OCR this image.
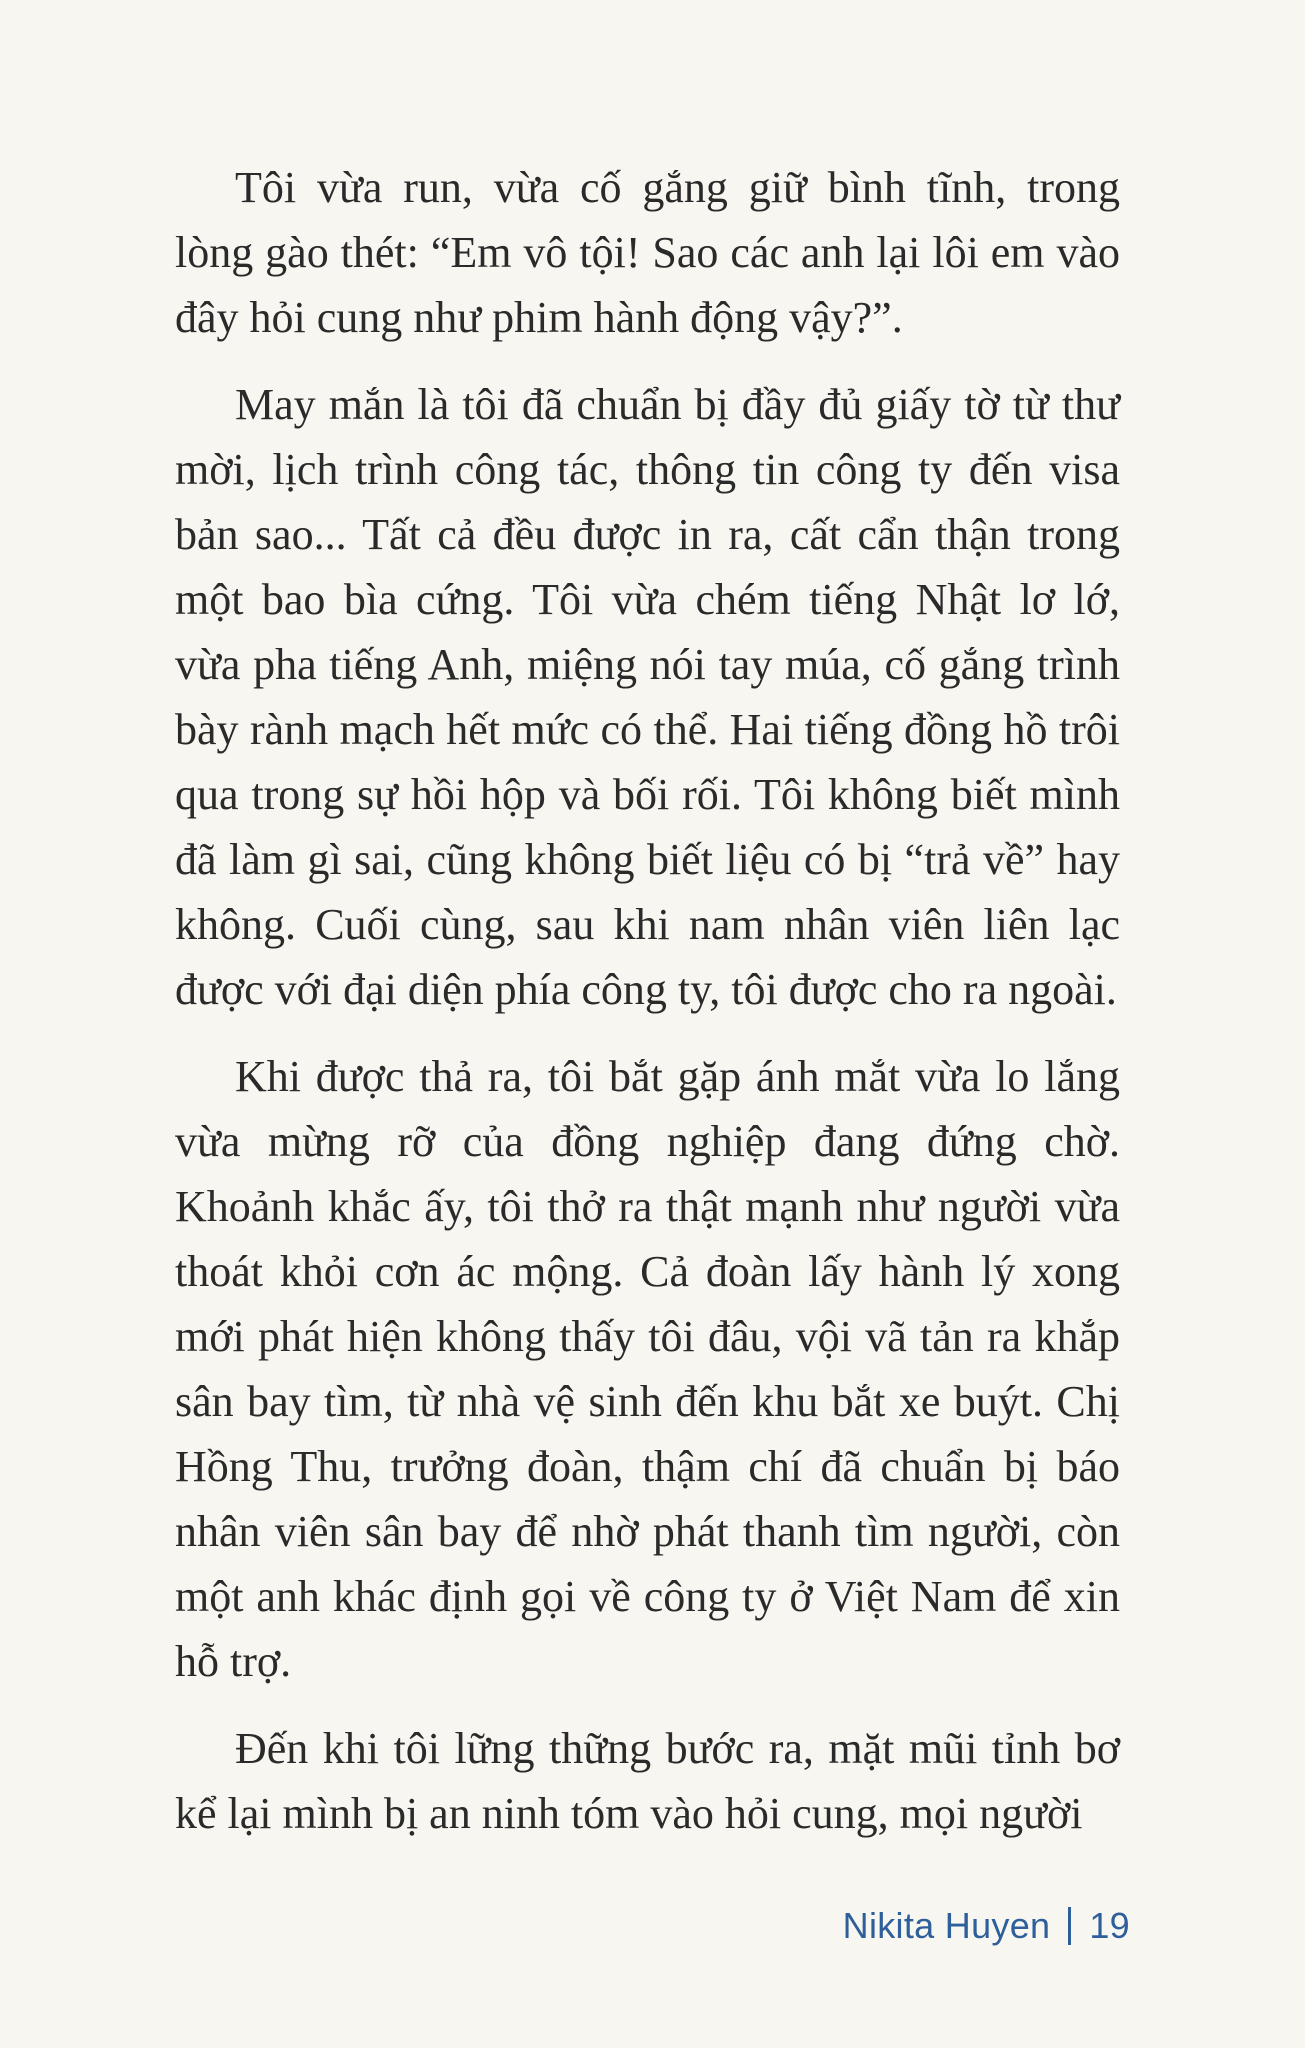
Tôi vừa run, vừa cố gắng giữ bình tĩnh, trong lòng gào thét: “Em vô tội! Sao các anh lại lôi em vào đây hỏi cung như phim hành động vậy?”.

May mắn là tôi đã chuẩn bị đầy đủ giấy tờ từ thư mời, lịch trình công tác, thông tin công ty đến visa bản sao... Tất cả đều được in ra, cất cẩn thận trong một bao bìa cứng. Tôi vừa chém tiếng Nhật lơ lớ, vừa pha tiếng Anh, miệng nói tay múa, cố gắng trình bày rành mạch hết mức có thể. Hai tiếng đồng hồ trôi qua trong sự hồi hộp và bối rối. Tôi không biết mình đã làm gì sai, cũng không biết liệu có bị “trả về” hay không. Cuối cùng, sau khi nam nhân viên liên lạc được với đại diện phía công ty, tôi được cho ra ngoài.

Khi được thả ra, tôi bắt gặp ánh mắt vừa lo lắng vừa mừng rỡ của đồng nghiệp đang đứng chờ. Khoảnh khắc ấy, tôi thở ra thật mạnh như người vừa thoát khỏi cơn ác mộng. Cả đoàn lấy hành lý xong mới phát hiện không thấy tôi đâu, vội vã tản ra khắp sân bay tìm, từ nhà vệ sinh đến khu bắt xe buýt. Chị Hồng Thu, trưởng đoàn, thậm chí đã chuẩn bị báo nhân viên sân bay để nhờ phát thanh tìm người, còn một anh khác định gọi về công ty ở Việt Nam để xin hỗ trợ.

Đến khi tôi lững thững bước ra, mặt mũi tỉnh bơ kể lại mình bị an ninh tóm vào hỏi cung, mọi người

Nikita Huyen 19
